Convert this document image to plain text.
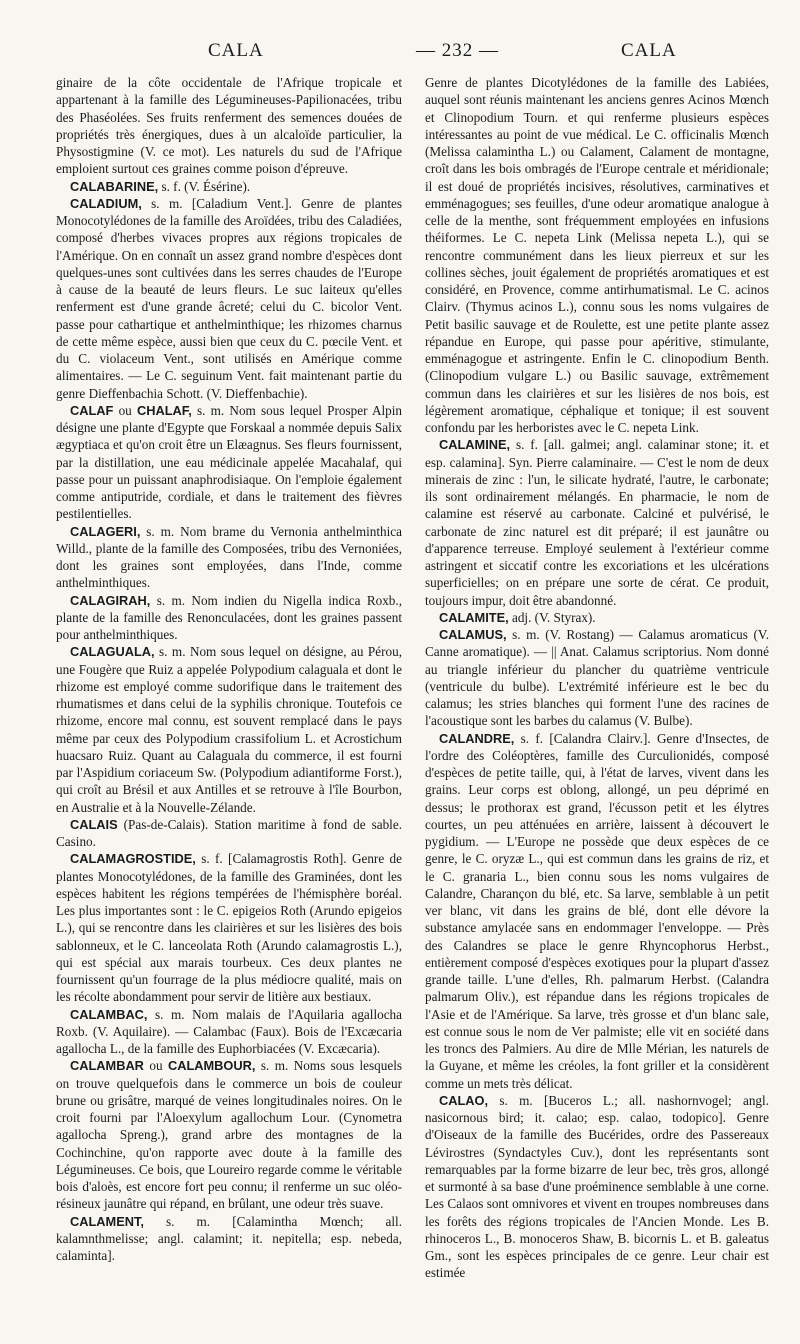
CALA	— 232 —	CALA

ginaire de la côte occidentale de l'Afrique tropicale et appartenant à la famille des Légumineuses-Papilionacées, tribu des Phaséolées. Ses fruits renferment des semences douées de propriétés très énergiques, dues à un alcaloïde particulier, la Physostigmine (V. ce mot). Les naturels du sud de l'Afrique emploient surtout ces graines comme poison d'épreuve.

CALABARINE, s. f. (V. Ésérine).

CALADIUM, s. m. [Caladium Vent.]. Genre de plantes Monocotylédones de la famille des Aroïdées, tribu des Caladiées, composé d'herbes vivaces propres aux régions tropicales de l'Amérique. On en connaît un assez grand nombre d'espèces dont quelques-unes sont cultivées dans les serres chaudes de l'Europe à cause de la beauté de leurs fleurs. Le suc laiteux qu'elles renferment est d'une grande âcreté; celui du C. bicolor Vent. passe pour cathartique et anthelminthique; les rhizomes charnus de cette même espèce, aussi bien que ceux du C. pœcile Vent. et du C. violaceum Vent., sont utilisés en Amérique comme alimentaires. — Le C. seguinum Vent. fait maintenant partie du genre Dieffenbachia Schott. (V. Dieffenbachie).

CALAF ou CHALAF, s. m. Nom sous lequel Prosper Alpin désigne une plante d'Egypte que Forskaal a nommée depuis Salix ægyptiaca et qu'on croit être un Elæagnus. Ses fleurs fournissent, par la distillation, une eau médicinale appelée Macahalaf, qui passe pour un puissant anaphrodisiaque. On l'emploie également comme antiputride, cordiale, et dans le traitement des fièvres pestilentielles.

CALAGERI, s. m. Nom brame du Vernonia anthelminthica Willd., plante de la famille des Composées, tribu des Vernoniées, dont les graines sont employées, dans l'Inde, comme anthelminthiques.

CALAGIRAH, s. m. Nom indien du Nigella indica Roxb., plante de la famille des Renonculacées, dont les graines passent pour anthelminthiques.

CALAGUALA, s. m. Nom sous lequel on désigne, au Pérou, une Fougère que Ruiz a appelée Polypodium calaguala et dont le rhizome est employé comme sudorifique dans le traitement des rhumatismes et dans celui de la syphilis chronique. Toutefois ce rhizome, encore mal connu, est souvent remplacé dans le pays même par ceux des Polypodium crassifolium L. et Acrostichum huacsaro Ruiz. Quant au Calaguala du commerce, il est fourni par l'Aspidium coriaceum Sw. (Polypodium adiantiforme Forst.), qui croît au Brésil et aux Antilles et se retrouve à l'île Bourbon, en Australie et à la Nouvelle-Zélande.

CALAIS (Pas-de-Calais). Station maritime à fond de sable. Casino.

CALAMAGROSTIDE, s. f. [Calamagrostis Roth]. Genre de plantes Monocotylédones, de la famille des Graminées, dont les espèces habitent les régions tempérées de l'hémisphère boréal. Les plus importantes sont : le C. epigeios Roth (Arundo epigeios L.), qui se rencontre dans les clairières et sur les lisières des bois sablonneux, et le C. lanceolata Roth (Arundo calamagrostis L.), qui est spécial aux marais tourbeux. Ces deux plantes ne fournissent qu'un fourrage de la plus médiocre qualité, mais on les récolte abondamment pour servir de litière aux bestiaux.

CALAMBAC, s. m. Nom malais de l'Aquilaria agallocha Roxb. (V. Aquilaire). — Calambac (Faux). Bois de l'Excæcaria agallocha L., de la famille des Euphorbiacées (V. Excæcaria).

CALAMBAR ou CALAMBOUR, s. m. Noms sous lesquels on trouve quelquefois dans le commerce un bois de couleur brune ou grisâtre, marqué de veines longitudinales noires. On le croit fourni par l'Aloexylum agallochum Lour. (Cynometra agallocha Spreng.), grand arbre des montagnes de la Cochinchine, qu'on rapporte avec doute à la famille des Légumineuses. Ce bois, que Loureiro regarde comme le véritable bois d'aloès, est encore fort peu connu; il renferme un suc oléo-résineux jaunâtre qui répand, en brûlant, une odeur très suave.

CALAMENT, s. m. [Calamintha Mœnch; all. kalamnthmelisse; angl. calamint; it. nepitella; esp. nebeda, calaminta].

Genre de plantes Dicotylédones de la famille des Labiées, auquel sont réunis maintenant les anciens genres Acinos Mœnch et Clinopodium Tourn. et qui renferme plusieurs espèces intéressantes au point de vue médical. Le C. officinalis Mœnch (Melissa calamintha L.) ou Calament, Calament de montagne, croît dans les bois ombragés de l'Europe centrale et méridionale; il est doué de propriétés incisives, résolutives, carminatives et emménagogues; ses feuilles, d'une odeur aromatique analogue à celle de la menthe, sont fréquemment employées en infusions théiformes. Le C. nepeta Link (Melissa nepeta L.), qui se rencontre communément dans les lieux pierreux et sur les collines sèches, jouit également de propriétés aromatiques et est considéré, en Provence, comme antirhumatismal. Le C. acinos Clairv. (Thymus acinos L.), connu sous les noms vulgaires de Petit basilic sauvage et de Roulette, est une petite plante assez répandue en Europe, qui passe pour apéritive, stimulante, emménagogue et astringente. Enfin le C. clinopodium Benth. (Clinopodium vulgare L.) ou Basilic sauvage, extrêmement commun dans les clairières et sur les lisières de nos bois, est légèrement aromatique, céphalique et tonique; il est souvent confondu par les herboristes avec le C. nepeta Link.

CALAMINE, s. f. [all. galmei; angl. calaminar stone; it. et esp. calamina]. Syn. Pierre calaminaire. — C'est le nom de deux minerais de zinc : l'un, le silicate hydraté, l'autre, le carbonate; ils sont ordinairement mélangés. En pharmacie, le nom de calamine est réservé au carbonate. Calciné et pulvérisé, le carbonate de zinc naturel est dit préparé; il est jaunâtre ou d'apparence terreuse. Employé seulement à l'extérieur comme astringent et siccatif contre les excoriations et les ulcérations superficielles; on en prépare une sorte de cérat. Ce produit, toujours impur, doit être abandonné.

CALAMITE, adj. (V. Styrax).

CALAMUS, s. m. (V. Rostang) — Calamus aromaticus (V. Canne aromatique). — || Anat. Calamus scriptorius. Nom donné au triangle inférieur du plancher du quatrième ventricule (ventricule du bulbe). L'extrémité inférieure est le bec du calamus; les stries blanches qui forment l'une des racines de l'acoustique sont les barbes du calamus (V. Bulbe).

CALANDRE, s. f. [Calandra Clairv.]. Genre d'Insectes, de l'ordre des Coléoptères, famille des Curculionidés, composé d'espèces de petite taille, qui, à l'état de larves, vivent dans les grains. Leur corps est oblong, allongé, un peu déprimé en dessus; le prothorax est grand, l'écusson petit et les élytres courtes, un peu atténuées en arrière, laissent à découvert le pygidium. — L'Europe ne possède que deux espèces de ce genre, le C. oryzæ L., qui est commun dans les grains de riz, et le C. granaria L., bien connu sous les noms vulgaires de Calandre, Charançon du blé, etc. Sa larve, semblable à un petit ver blanc, vit dans les grains de blé, dont elle dévore la substance amylacée sans en endommager l'enveloppe. — Près des Calandres se place le genre Rhyncophorus Herbst., entièrement composé d'espèces exotiques pour la plupart d'assez grande taille. L'une d'elles, Rh. palmarum Herbst. (Calandra palmarum Oliv.), est répandue dans les régions tropicales de l'Asie et de l'Amérique. Sa larve, très grosse et d'un blanc sale, est connue sous le nom de Ver palmiste; elle vit en société dans les troncs des Palmiers. Au dire de Mlle Mérian, les naturels de la Guyane, et même les créoles, la font griller et la considèrent comme un mets très délicat.

CALAO, s. m. [Buceros L.; all. nashornvogel; angl. nasicornous bird; it. calao; esp. calao, todopico]. Genre d'Oiseaux de la famille des Bucérides, ordre des Passereaux Lévirostres (Syndactyles Cuv.), dont les représentants sont remarquables par la forme bizarre de leur bec, très gros, allongé et surmonté à sa base d'une proéminence semblable à une corne. Les Calaos sont omnivores et vivent en troupes nombreuses dans les forêts des régions tropicales de l'Ancien Monde. Les B. rhinoceros L., B. monoceros Shaw, B. bicornis L. et B. galeatus Gm., sont les espèces principales de ce genre. Leur chair est estimée
